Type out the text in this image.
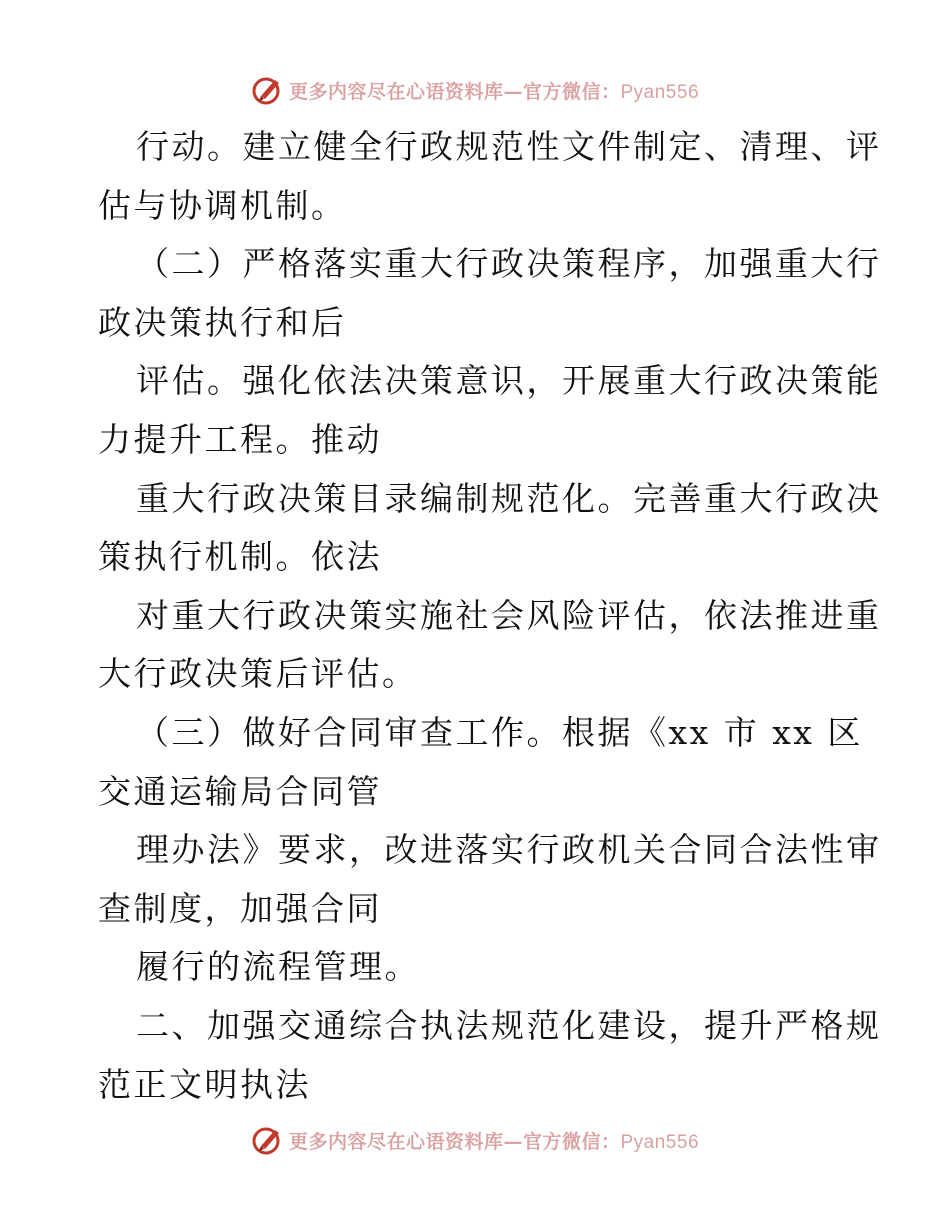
更多内容尽在心语资料库—官方微信：Pyan556
行动。建立健全行政规范性文件制定、清理、评
估与协调机制。
（二）严格落实重大行政决策程序，加强重大行
政决策执行和后
评估。强化依法决策意识，开展重大行政决策能
力提升工程。推动
重大行政决策目录编制规范化。完善重大行政决
策执行机制。依法
对重大行政决策实施社会风险评估，依法推进重
大行政决策后评估。
（三）做好合同审查工作。根据《xx 市 xx 区
交通运输局合同管
理办法》要求，改进落实行政机关合同合法性审
查制度，加强合同
履行的流程管理。
二、加强交通综合执法规范化建设，提升严格规
范正文明执法
更多内容尽在心语资料库—官方微信：Pyan556
